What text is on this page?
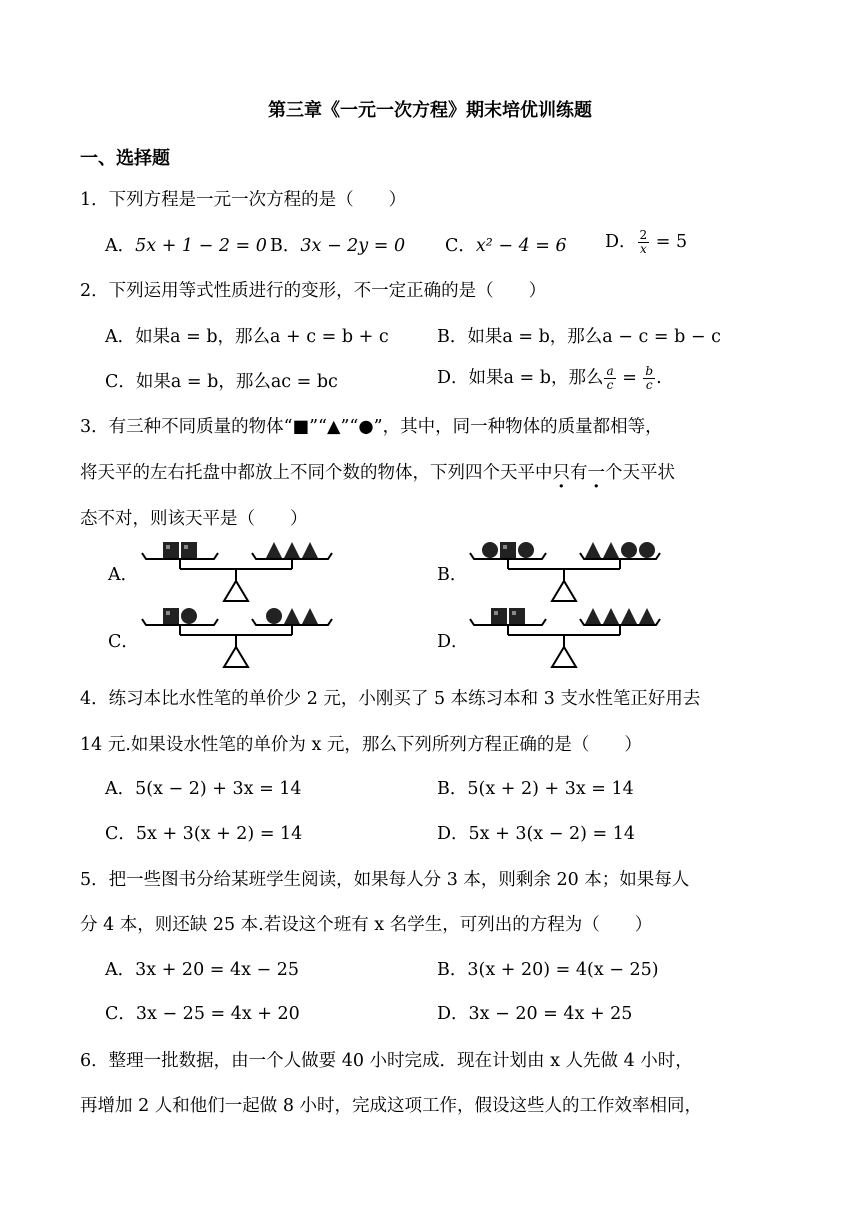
第三章《一元一次方程》期末培优训练题
一、选择题
1．下列方程是一元一次方程的是（　　）
A．5x + 1 − 2 = 0 B．3x − 2y = 0 C．x² − 4 = 6 D． $\frac{2}{x} = 5$
2．下列运用等式性质进行的变形，不一定正确的是（　　）
A．如果a = b，那么a + c = b + c	B．如果a = b，那么a − c = b − c
C．如果a = b，那么ac = bc	D．如果a = b，那么 $\frac{a}{c} = \frac{b}{c}$ .
3．有三种不同质量的物体“■”“▲”“●”，其中，同一种物体的质量都相等，
将天平的左右托盘中都放上不同个数的物体，下列四个天平中只有一个天平状
态不对，则该天平是（　　）
A．	B．
C．	D．
4．练习本比水性笔的单价少 2 元，小刚买了 5 本练习本和 3 支水性笔正好用去
14 元.如果设水性笔的单价为 x 元，那么下列所列方程正确的是（　　）
A．5(x − 2) + 3x = 14	B．5(x + 2) + 3x = 14
C．5x + 3(x + 2) = 14	D．5x + 3(x − 2) = 14
5．把一些图书分给某班学生阅读，如果每人分 3 本，则剩余 20 本；如果每人
分 4 本，则还缺 25 本.若设这个班有 x 名学生，可列出的方程为（　　）
A．3x + 20 = 4x − 25	B．3(x + 20) = 4(x − 25)
C．3x − 25 = 4x + 20	D．3x − 20 = 4x + 25
6．整理一批数据，由一个人做要 40 小时完成．现在计划由 x 人先做 4 小时，
再增加 2 人和他们一起做 8 小时，完成这项工作，假设这些人的工作效率相同，
